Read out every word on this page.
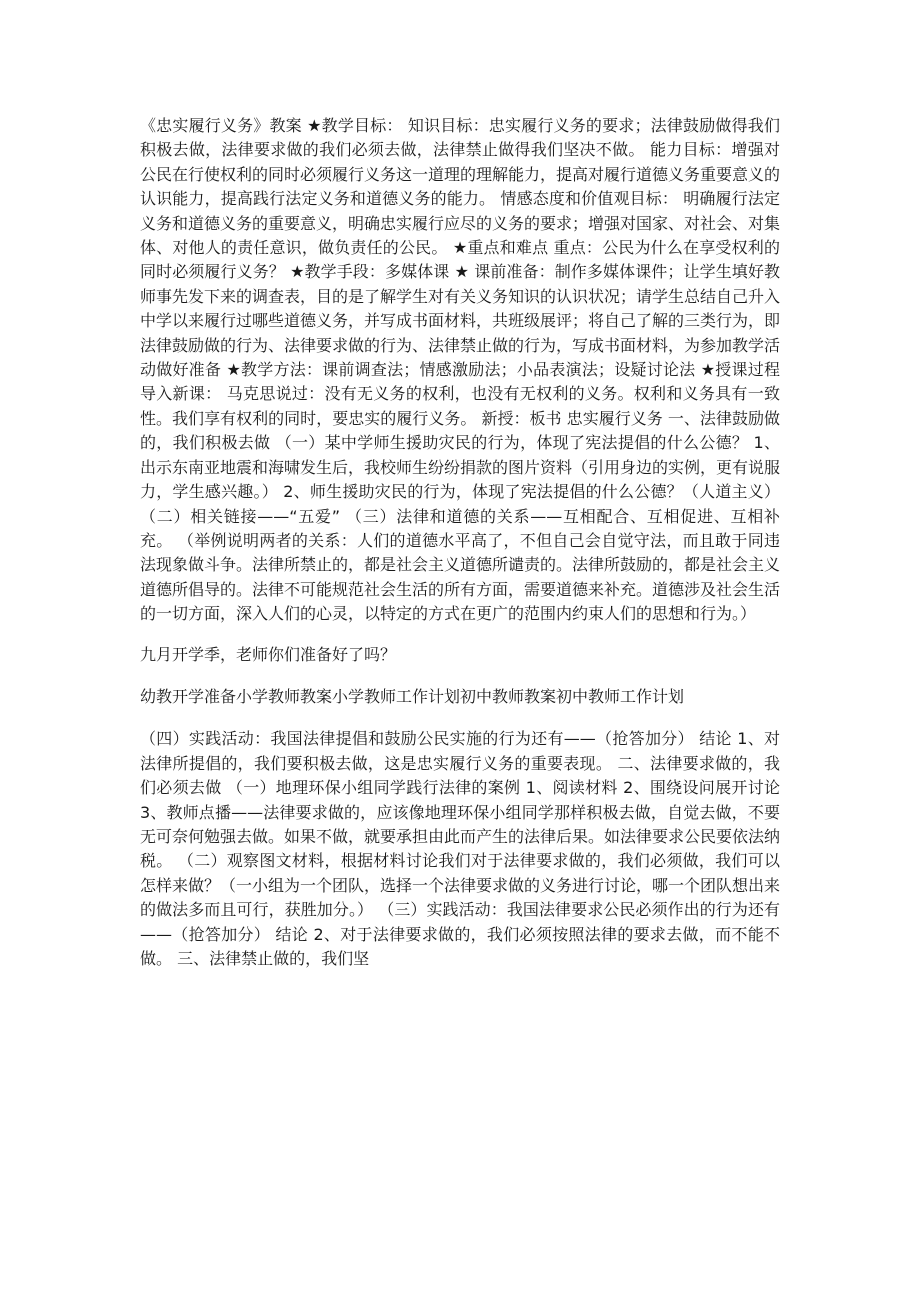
《忠实履行义务》教案 ★教学目标： 知识目标：忠实履行义务的要求；法律鼓励做得我们积极去做，法律要求做的我们必须去做，法律禁止做得我们坚决不做。 能力目标：增强对公民在行使权利的同时必须履行义务这一道理的理解能力，提高对履行道德义务重要意义的认识能力，提高践行法定义务和道德义务的能力。 情感态度和价值观目标： 明确履行法定义务和道德义务的重要意义，明确忠实履行应尽的义务的要求；增强对国家、对社会、对集体、对他人的责任意识，做负责任的公民。 ★重点和难点 重点：公民为什么在享受权利的同时必须履行义务？ ★教学手段：多媒体课 ★ 课前准备：制作多媒体课件；让学生填好教师事先发下来的调查表，目的是了解学生对有关义务知识的认识状况；请学生总结自己升入中学以来履行过哪些道德义务，并写成书面材料，共班级展评；将自己了解的三类行为，即法律鼓励做的行为、法律要求做的行为、法律禁止做的行为，写成书面材料，为参加教学活动做好准备 ★教学方法：课前调查法；情感激励法；小品表演法；设疑讨论法 ★授课过程 导入新课： 马克思说过：没有无义务的权利，也没有无权利的义务。权利和义务具有一致性。我们享有权利的同时，要忠实的履行义务。 新授：板书 忠实履行义务 一、法律鼓励做的，我们积极去做 （一）某中学师生援助灾民的行为，体现了宪法提倡的什么公德？ 1、出示东南亚地震和海啸发生后，我校师生纷纷捐款的图片资料（引用身边的实例，更有说服力，学生感兴趣。） 2、师生援助灾民的行为，体现了宪法提倡的什么公德？（人道主义）（二）相关链接——“五爱” （三）法律和道德的关系——互相配合、互相促进、互相补充。 （举例说明两者的关系：人们的道德水平高了，不但自己会自觉守法，而且敢于同违法现象做斗争。法律所禁止的，都是社会主义道德所谴责的。法律所鼓励的，都是社会主义道德所倡导的。法律不可能规范社会生活的所有方面，需要道德来补充。道德涉及社会生活的一切方面，深入人们的心灵，以特定的方式在更广的范围内约束人们的思想和行为。）

九月开学季，老师你们准备好了吗？

幼教开学准备小学教师教案小学教师工作计划初中教师教案初中教师工作计划

（四）实践活动：我国法律提倡和鼓励公民实施的行为还有——（抢答加分） 结论 1、对法律所提倡的，我们要积极去做，这是忠实履行义务的重要表现。 二、法律要求做的，我们必须去做 （一）地理环保小组同学践行法律的案例 1、阅读材料 2、围绕设问展开讨论 3、教师点播——法律要求做的，应该像地理环保小组同学那样积极去做，自觉去做，不要无可奈何勉强去做。如果不做，就要承担由此而产生的法律后果。如法律要求公民要依法纳税。 （二）观察图文材料，根据材料讨论我们对于法律要求做的，我们必须做，我们可以怎样来做？（一小组为一个团队，选择一个法律要求做的义务进行讨论，哪一个团队想出来的做法多而且可行，获胜加分。） （三）实践活动：我国法律要求公民必须作出的行为还有——（抢答加分） 结论 2、对于法律要求做的，我们必须按照法律的要求去做，而不能不做。 三、法律禁止做的，我们坚
